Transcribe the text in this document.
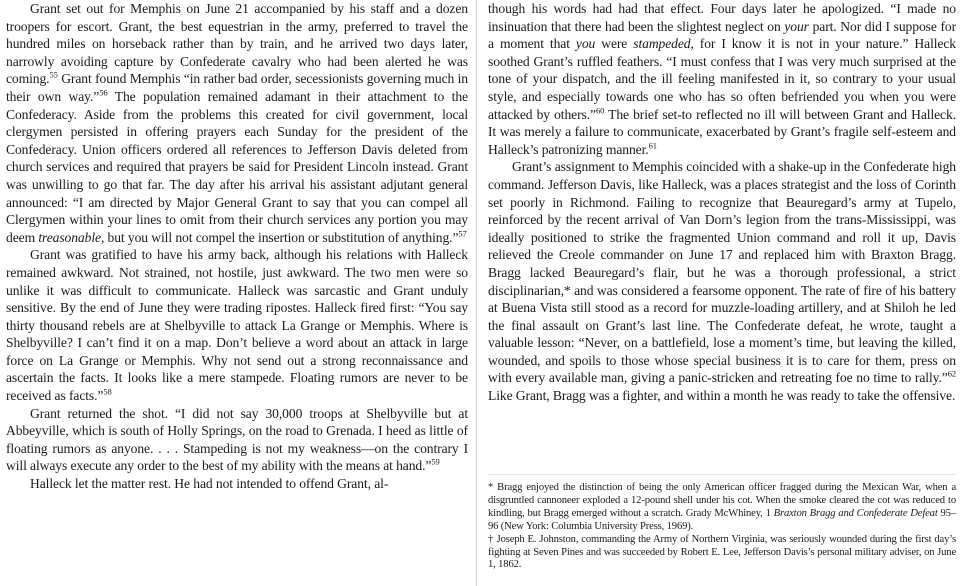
Grant set out for Memphis on June 21 accompanied by his staff and a dozen troopers for escort. Grant, the best equestrian in the army, preferred to travel the hundred miles on horseback rather than by train, and he arrived two days later, narrowly avoiding capture by Confederate cavalry who had been alerted he was coming.$^{55}$ Grant found Memphis “in rather bad order, secessionists governing much in their own way.”$^{56}$ The population remained adamant in their attachment to the Confederacy. Aside from the problems this created for civil government, local clergymen persisted in offering prayers each Sunday for the president of the Confederacy. Union officers ordered all references to Jefferson Davis deleted from church services and required that prayers be said for President Lincoln instead. Grant was unwilling to go that far. The day after his arrival his assistant adjutant general announced: “I am directed by Major General Grant to say that you can compel all Clergymen within your lines to omit from their church services any portion you may deem treasonable, but you will not compel the insertion or substitution of anything.”$^{57}$

Grant was gratified to have his army back, although his relations with Halleck remained awkward. Not strained, not hostile, just awkward. The two men were so unlike it was difficult to communicate. Halleck was sarcastic and Grant unduly sensitive. By the end of June they were trading ripostes. Halleck fired first: “You say thirty thousand rebels are at Shelbyville to attack La Grange or Memphis. Where is Shelbyville? I can’t find it on a map. Don’t believe a word about an attack in large force on La Grange or Memphis. Why not send out a strong reconnaissance and ascertain the facts. It looks like a mere stampede. Floating rumors are never to be received as facts.”$^{58}$

Grant returned the shot. “I did not say 30,000 troops at Shelbyville but at Abbeyville, which is south of Holly Springs, on the road to Grenada. I heed as little of floating rumors as anyone. . . . Stampeding is not my weakness—on the contrary I will always execute any order to the best of my ability with the means at hand.”$^{59}$

Halleck let the matter rest. He had not intended to offend Grant, al-

though his words had had that effect. Four days later he apologized. “I made no insinuation that there had been the slightest neglect on your part. Nor did I suppose for a moment that you were stampeded, for I know it is not in your nature.” Halleck soothed Grant’s ruffled feathers. “I must confess that I was very much surprised at the tone of your dispatch, and the ill feeling manifested in it, so contrary to your usual style, and especially towards one who has so often befriended you when you were attacked by others.”$^{60}$ The brief set-to reflected no ill will between Grant and Halleck. It was merely a failure to communicate, exacerbated by Grant’s fragile self-esteem and Halleck’s patronizing manner.$^{61}$

Grant’s assignment to Memphis coincided with a shake-up in the Confederate high command. Jefferson Davis, like Halleck, was a places strategist and the loss of Corinth set poorly in Richmond. Failing to recognize that Beauregard’s army at Tupelo, reinforced by the recent arrival of Van Dorn’s legion from the trans-Mississippi, was ideally positioned to strike the fragmented Union command and roll it up, Davis relieved the Creole commander on June 17 and replaced him with Braxton Bragg. Bragg lacked Beauregard’s flair, but he was a thorough professional, a strict disciplinarian,* and was considered a fearsome opponent. The rate of fire of his battery at Buena Vista still stood as a record for muzzle-loading artillery, and at Shiloh he led the final assault on Grant’s last line. The Confederate defeat, he wrote, taught a valuable lesson: “Never, on a battlefield, lose a moment’s time, but leaving the killed, wounded, and spoils to those whose special business it is to care for them, press on with every available man, giving a panic-stricken and retreating foe no time to rally.”$^{62}$ Like Grant, Bragg was a fighter, and within a month he was ready to take the offensive.

* Bragg enjoyed the distinction of being the only American officer fragged during the Mexican War, when a disgruntled cannoneer exploded a 12-pound shell under his cot. When the smoke cleared the cot was reduced to kindling, but Bragg emerged without a scratch. Grady McWhiney, 1 Braxton Bragg and Confederate Defeat 95–96 (New York: Columbia University Press, 1969).

† Joseph E. Johnston, commanding the Army of Northern Virginia, was seriously wounded during the first day’s fighting at Seven Pines and was succeeded by Robert E. Lee, Jefferson Davis’s personal military adviser, on June 1, 1862.
